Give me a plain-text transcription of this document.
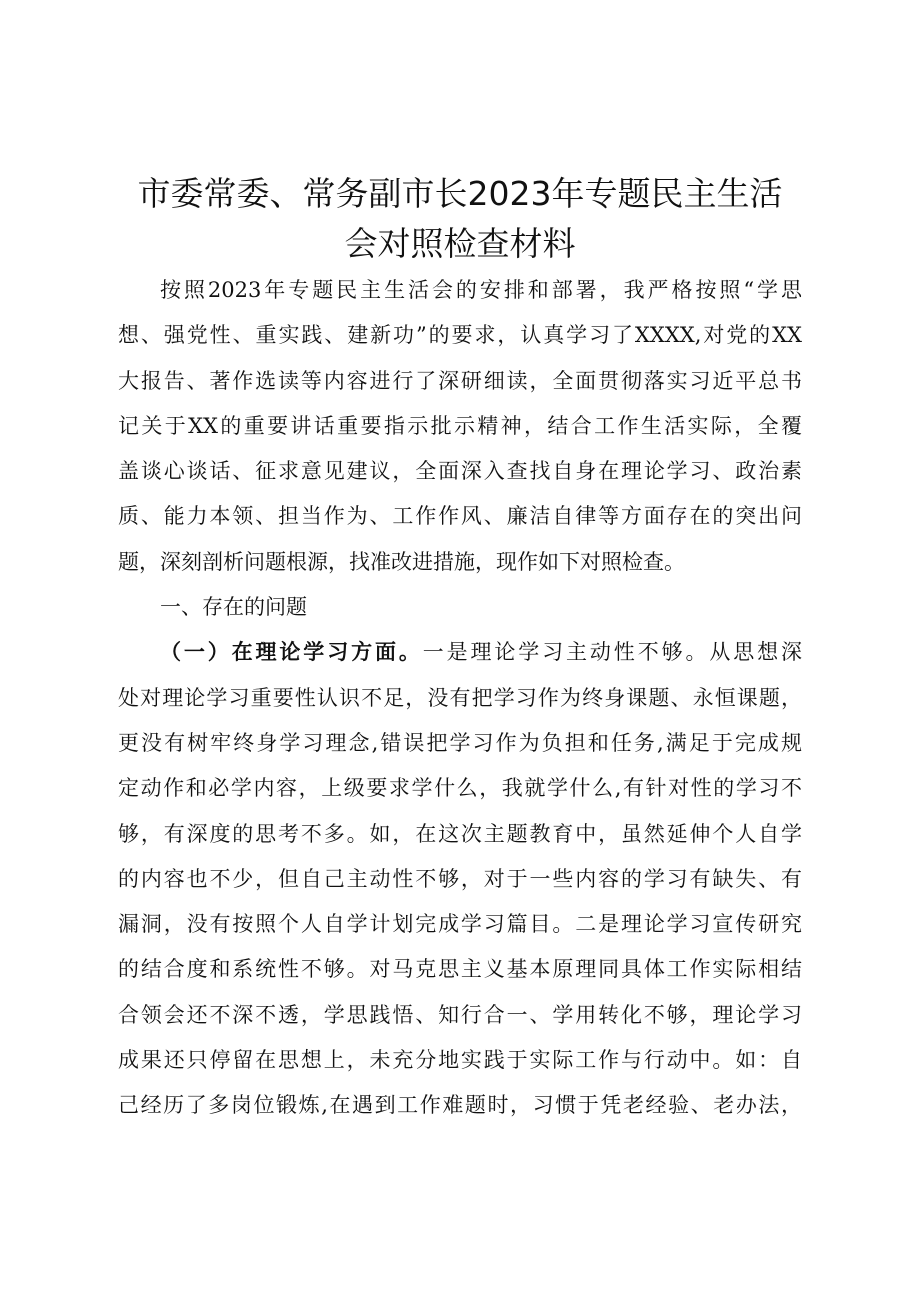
市委常委、常务副市长2023年专题民主生活
会对照检查材料
按照2023年专题民主生活会的安排和部署，我严格按照“学思
想、强党性、重实践、建新功”的要求，认真学习了XXXX,对党的XX
大报告、著作选读等内容进行了深研细读，全面贯彻落实习近平总书
记关于XX的重要讲话重要指示批示精神，结合工作生活实际，全覆
盖谈心谈话、征求意见建议，全面深入查找自身在理论学习、政治素
质、能力本领、担当作为、工作作风、廉洁自律等方面存在的突出问
题，深刻剖析问题根源，找准改进措施，现作如下对照检查。
一、存在的问题
（一）在理论学习方面。一是理论学习主动性不够。从思想深
处对理论学习重要性认识不足，没有把学习作为终身课题、永恒课题，
更没有树牢终身学习理念,错误把学习作为负担和任务,满足于完成规
定动作和必学内容，上级要求学什么，我就学什么,有针对性的学习不
够，有深度的思考不多。如，在这次主题教育中，虽然延伸个人自学
的内容也不少，但自己主动性不够，对于一些内容的学习有缺失、有
漏洞，没有按照个人自学计划完成学习篇目。二是理论学习宣传研究
的结合度和系统性不够。对马克思主义基本原理同具体工作实际相结
合领会还不深不透，学思践悟、知行合一、学用转化不够，理论学习
成果还只停留在思想上，未充分地实践于实际工作与行动中。如：自
己经历了多岗位锻炼,在遇到工作难题时，习惯于凭老经验、老办法，
